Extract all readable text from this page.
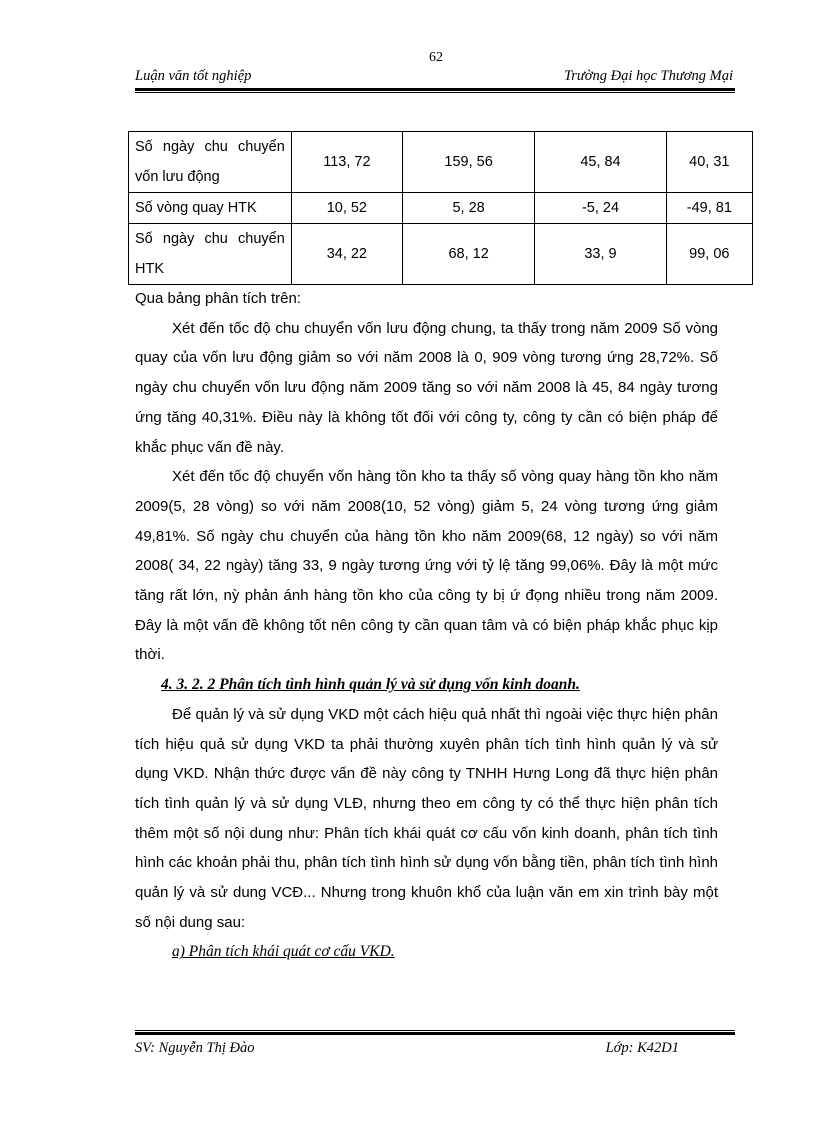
62
Luận văn tốt nghiệp	Trường Đại học Thương Mại
Số ngày chu chuyển
vốn lưu động	113, 72	159, 56	45, 84	40, 31
Số vòng quay HTK	10, 52	5, 28	-5, 24	-49, 81

Số ngày chu chuyển
HTK	34, 22	68, 12	33, 9	99, 06

Qua bảng phân tích trên:

Xét đến tốc độ chu chuyển vốn lưu động chung, ta thấy trong năm 2009 Số vòng quay của vốn lưu động giảm so với năm 2008 là 0, 909 vòng tương ứng 28,72%. Số ngày chu chuyển vốn lưu động năm 2009 tăng so với năm 2008 là 45, 84 ngày tương ứng tăng 40,31%. Điều này là không tốt đối với công ty, công ty cần có biện pháp để khắc phục vấn đề này.

Xét đến tốc độ chuyển vốn hàng tồn kho ta thấy số vòng quay hàng tồn kho năm 2009(5, 28 vòng) so với năm 2008(10, 52 vòng) giảm 5, 24 vòng tương ứng giảm 49,81%. Số ngày chu chuyển của hàng tồn kho năm 2009(68, 12 ngày) so với năm 2008( 34, 22 ngày) tăng 33, 9 ngày tương ứng với tỷ lệ tăng 99,06%. Đây là một mức tăng rất lớn, nỳ phản ánh hàng tồn kho của công ty bị ứ đọng nhiều trong năm 2009. Đây là một vấn đề không tốt nên công ty cần quan tâm và có biện pháp khắc phục kịp thời.

4. 3. 2. 2 Phân tích tình hình quản lý và sử dụng vốn kinh doanh.

Để quản lý và sử dụng VKD một cách hiệu quả nhất thì ngoài việc thực hiện phân tích hiệu quả sử dụng VKD ta phải thường xuyên phân tích tình hình quản lý và sử dụng VKD. Nhận thức được vấn đề này công ty TNHH Hưng Long đã thực hiện phân tích tình quản lý và sử dụng VLĐ, nhưng theo em công ty có thể thực hiện phân tích thêm một số nội dung như: Phân tích khái quát cơ cấu vốn kinh doanh, phân tích tình hình các khoản phải thu, phân tích tình hình sử dụng vốn bằng tiền, phân tích tình hình quản lý và sử dung VCĐ... Nhưng trong khuôn khổ của luận văn em xin trình bày một số nội dung sau:

a) Phân tích khái quát cơ cấu VKD.

SV: Nguyễn Thị Đào	Lớp: K42D1
